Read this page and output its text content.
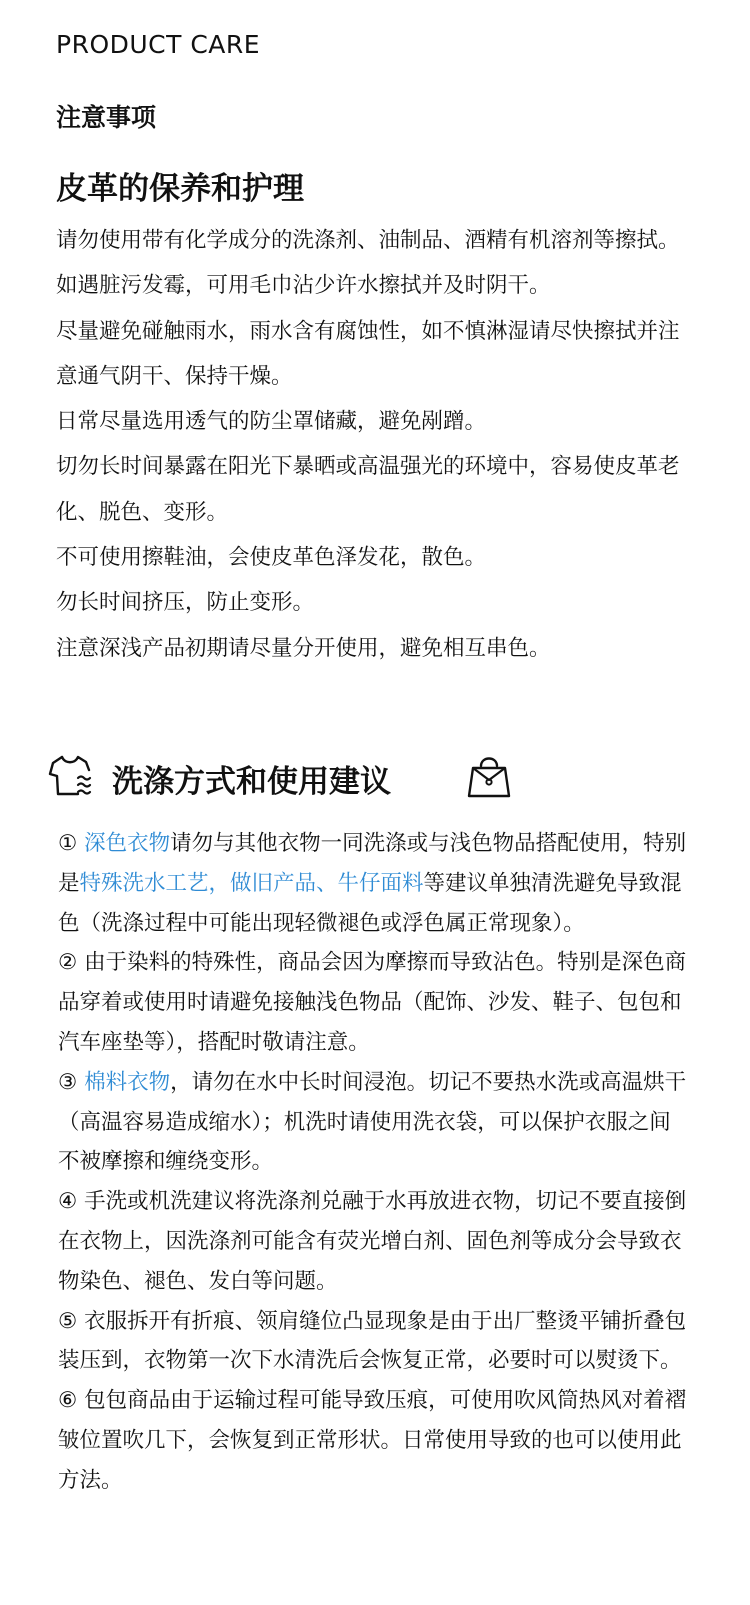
PRODUCT CARE
注意事项
皮革的保养和护理
请勿使用带有化学成分的洗涤剂、油制品、酒精有机溶剂等擦拭。
如遇脏污发霉，可用毛巾沾少许水擦拭并及时阴干。
尽量避免碰触雨水，雨水含有腐蚀性，如不慎淋湿请尽快擦拭并注意通气阴干、保持干燥。
日常尽量选用透气的防尘罩储藏，避免剐蹭。
切勿长时间暴露在阳光下暴晒或高温强光的环境中，容易使皮革老化、脱色、变形。
不可使用擦鞋油，会使皮革色泽发花，散色。
勿长时间挤压，防止变形。
注意深浅产品初期请尽量分开使用，避免相互串色。
洗涤方式和使用建议
① 深色衣物请勿与其他衣物一同洗涤或与浅色物品搭配使用，特别是特殊洗水工艺，做旧产品、牛仔面料等建议单独清洗避免导致混色（洗涤过程中可能出现轻微褪色或浮色属正常现象）。
② 由于染料的特殊性，商品会因为摩擦而导致沾色。特别是深色商品穿着或使用时请避免接触浅色物品（配饰、沙发、鞋子、包包和汽车座垫等），搭配时敬请注意。
③ 棉料衣物，请勿在水中长时间浸泡。切记不要热水洗或高温烘干（高温容易造成缩水）；机洗时请使用洗衣袋，可以保护衣服之间不被摩擦和缠绕变形。
④ 手洗或机洗建议将洗涤剂兑融于水再放进衣物，切记不要直接倒在衣物上，因洗涤剂可能含有荧光增白剂、固色剂等成分会导致衣物染色、褪色、发白等问题。
⑤ 衣服拆开有折痕、领肩缝位凸显现象是由于出厂整烫平铺折叠包装压到，衣物第一次下水清洗后会恢复正常，必要时可以熨烫下。
⑥ 包包商品由于运输过程可能导致压痕，可使用吹风筒热风对着褶皱位置吹几下，会恢复到正常形状。日常使用导致的也可以使用此方法。
